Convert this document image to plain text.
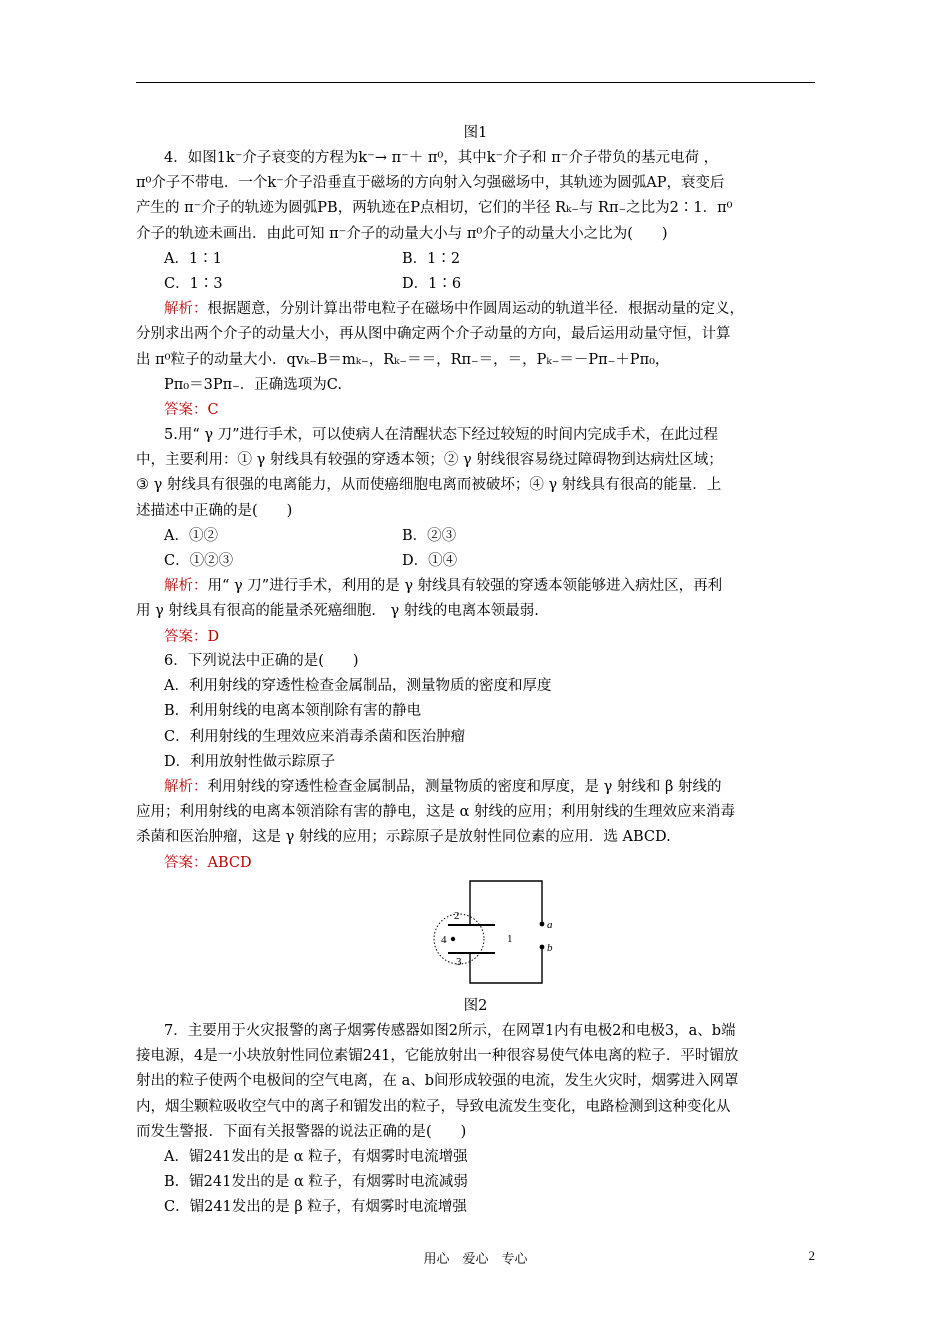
图1
4．如图1k⁻介子衰变的方程为k⁻→ π⁻＋ π⁰，其中k⁻介子和 π⁻介子带负的基元电荷 ，
π⁰介子不带电．一个k⁻介子沿垂直于磁场的方向射入匀强磁场中，其轨迹为圆弧AP，衰变后
产生的 π⁻介子的轨迹为圆弧PB，两轨迹在P点相切，它们的半径 Rₖ₋与 Rπ₋之比为2∶1．π⁰
介子的轨迹未画出．由此可知 π⁻介子的动量大小与 π⁰介子的动量大小之比为(　　)
A．1∶1	B．1∶2
C．1∶3	D．1∶6
解析：根据题意，分别计算出带电粒子在磁场中作圆周运动的轨道半径．根据动量的定义，
分别求出两个介子的动量大小，再从图中确定两个介子动量的方向，最后运用动量守恒，计算
出 π⁰粒子的动量大小．qvₖ₋B＝mₖ₋，Rₖ₋＝＝，Rπ₋＝，＝，Pₖ₋＝－Pπ₋＋Pπ₀，
Pπ₀＝3Pπ₋．正确选项为C.
答案：C
5.用“ γ 刀”进行手术，可以使病人在清醒状态下经过较短的时间内完成手术，在此过程
中，主要利用：① γ 射线具有较强的穿透本领；② γ 射线很容易绕过障碍物到达病灶区域；
③ γ 射线具有很强的电离能力，从而使癌细胞电离而被破坏；④ γ 射线具有很高的能量．上
述描述中正确的是(　　)
A．①②	B．②③
C．①②③	D．①④
解析：用“ γ 刀”进行手术，利用的是 γ 射线具有较强的穿透本领能够进入病灶区，再利
用 γ 射线具有很高的能量杀死癌细胞． γ 射线的电离本领最弱.
答案：D
6．下列说法中正确的是(　　)
A．利用射线的穿透性检查金属制品，测量物质的密度和厚度
B．利用射线的电离本领削除有害的静电
C．利用射线的生理效应来消毒杀菌和医治肿瘤
D．利用放射性做示踪原子
解析：利用射线的穿透性检查金属制品，测量物质的密度和厚度，是 γ 射线和 β 射线的
应用；利用射线的电离本领消除有害的静电，这是 α 射线的应用；利用射线的生理效应来消毒
杀菌和医治肿瘤，这是 γ 射线的应用；示踪原子是放射性同位素的应用．选 ABCD.
答案：ABCD
2
4
3
1
a
b
图2
7．主要用于火灾报警的离子烟雾传感器如图2所示，在网罩1内有电极2和电极3，a、b端
接电源，4是一小块放射性同位素镅241，它能放射出一种很容易使气体电离的粒子．平时镅放
射出的粒子使两个电极间的空气电离，在 a、b间形成较强的电流，发生火灾时，烟雾进入网罩
内，烟尘颗粒吸收空气中的离子和镅发出的粒子，导致电流发生变化，电路检测到这种变化从
而发生警报．下面有关报警器的说法正确的是(　　)
A．镅241发出的是 α 粒子，有烟雾时电流增强
B．镅241发出的是 α 粒子，有烟雾时电流减弱
C．镅241发出的是 β 粒子，有烟雾时电流增强
用心　爱心　专心	2
